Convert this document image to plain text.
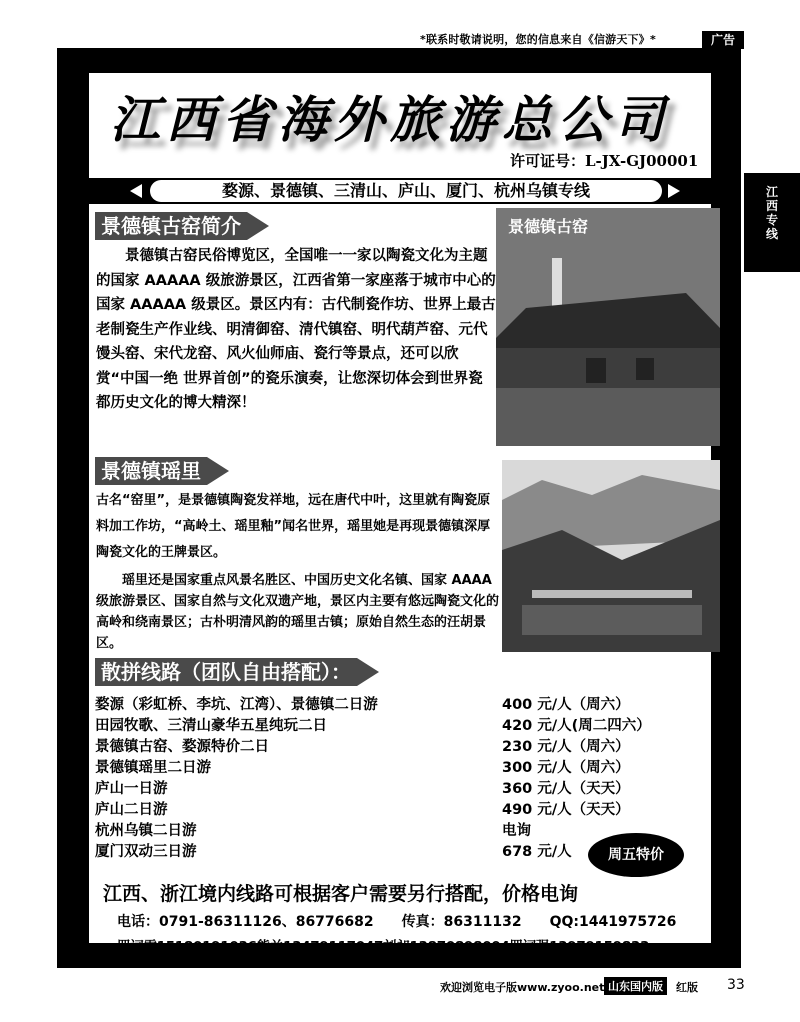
*联系时敬请说明，您的信息来自《信游天下》*	广告
江西专线
江西省海外旅游总公司
许可证号：L-JX-GJ00001
婺源、景德镇、三清山、庐山、厦门、杭州乌镇专线
景德镇古窑简介
景德镇古窑民俗博览区，全国唯一一家以陶瓷文化为主题的国家 AAAAA 级旅游景区，江西省第一家座落于城市中心的国家 AAAAA 级景区。景区内有：古代制瓷作坊、世界上最古老制瓷生产作业线、明清御窑、清代镇窑、明代葫芦窑、元代馒头窑、宋代龙窑、风火仙师庙、瓷行等景点，还可以欣赏“中国一绝 世界首创”的瓷乐演奏，让您深切体会到世界瓷都历史文化的博大精深！
景德镇古窑
景德镇瑶里
古名“窑里”，是景德镇陶瓷发祥地，远在唐代中叶，这里就有陶瓷原料加工作坊，“高岭土、瑶里釉”闻名世界，瑶里她是再现景德镇深厚陶瓷文化的王牌景区。
瑶里还是国家重点风景名胜区、中国历史文化名镇、国家 AAAA 级旅游景区、国家自然与文化双遗产地，景区内主要有悠远陶瓷文化的高岭和绕南景区；古朴明清风韵的瑶里古镇；原始自然生态的汪胡景区。
散拼线路（团队自由搭配）：
婺源（彩虹桥、李坑、江湾）、景德镇二日游	400 元/人（周六）
田园牧歌、三清山豪华五星纯玩二日	420 元/人(周二四六）
景德镇古窑、婺源特价二日	230 元/人（周六）
景德镇瑶里二日游	300 元/人（周六）
庐山一日游	360 元/人（天天）
庐山二日游	490 元/人（天天）
杭州乌镇二日游	电询
厦门双动三日游	678 元/人	周五特价
江西、浙江境内线路可根据客户需要另行搭配，价格电询
电话：0791-86311126、86776682　　传真：86311132　　QQ:1441975726
罗词雷15180191036熊兰13479117047刘昶13870898004罗词强13979159833
欢迎浏览电子版www.zyoo.net 山东国内版	红版 33
